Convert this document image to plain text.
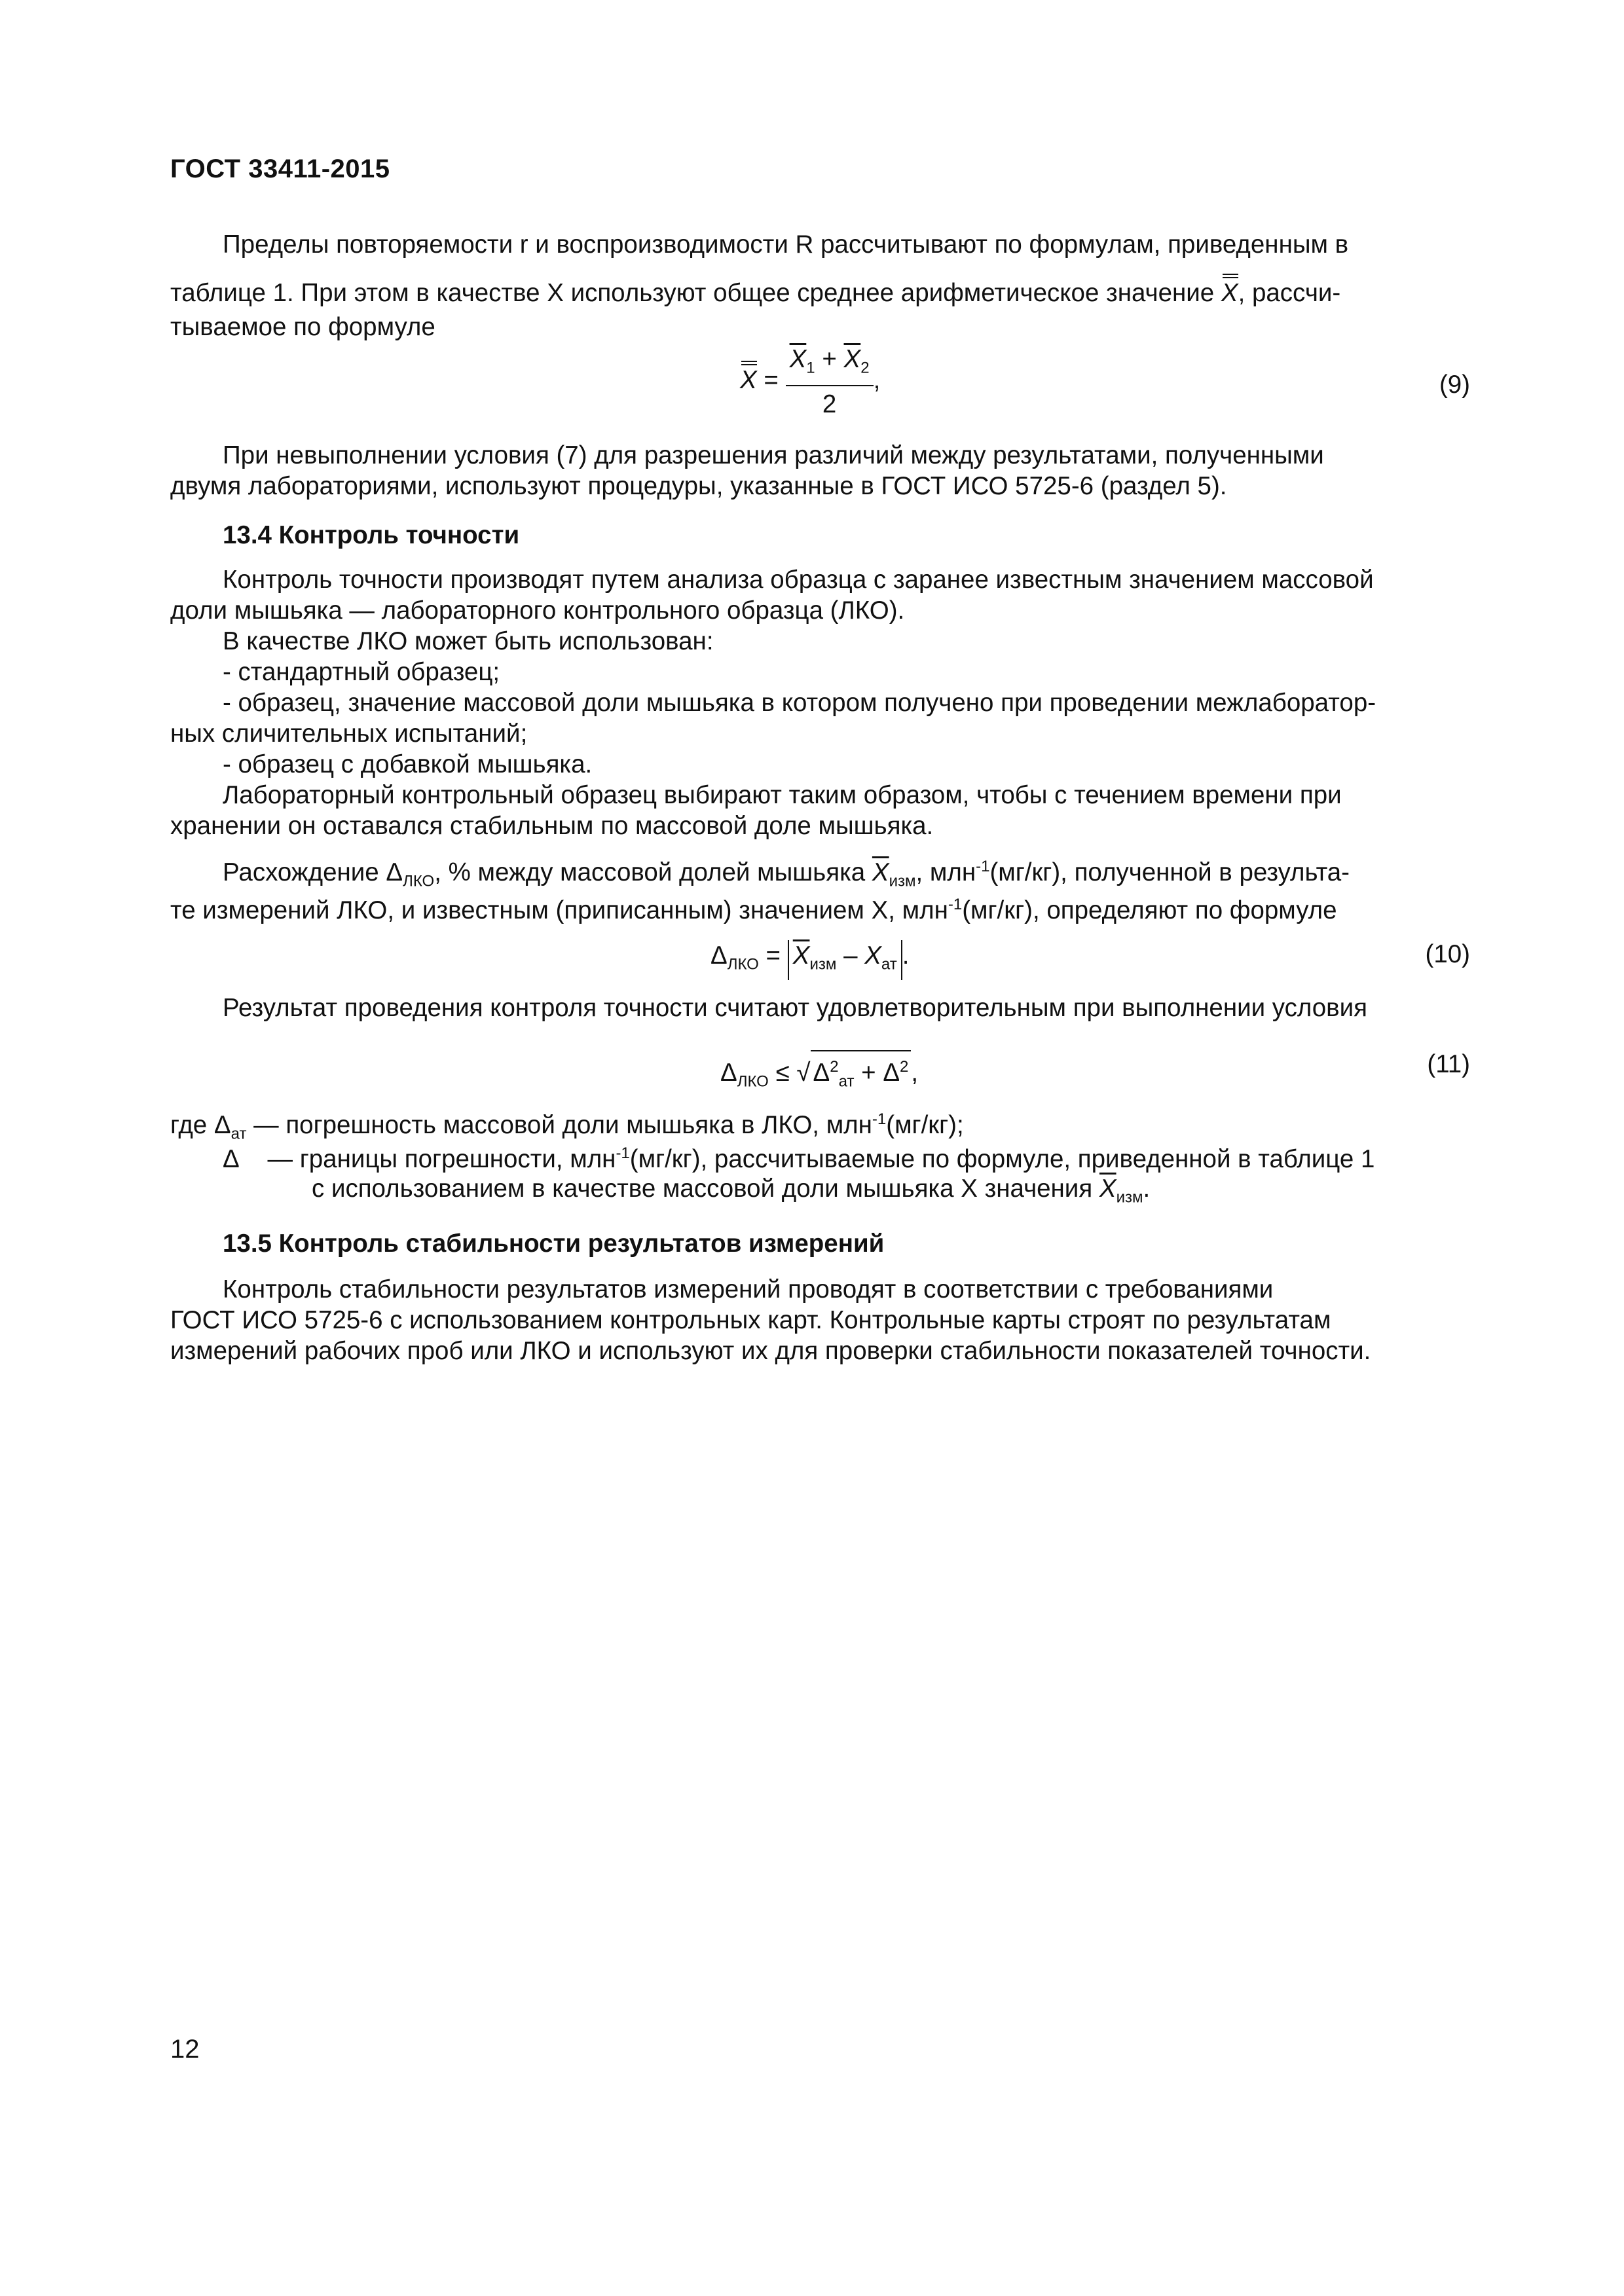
ГОСТ 33411-2015
Пределы повторяемости r и воспроизводимости R рассчитывают по формулам, приведенным в
таблице 1. При этом в качестве X используют общее среднее арифметическое значение X, рассчи-
тываемое по формуле
$X = \frac{\overline{X}_1 + \overline{X}_2}{2}$ ,	(9)
При невыполнении условия (7) для разрешения различий между результатами, полученными
двумя лабораториями, используют процедуры, указанные в ГОСТ ИСО 5725-6 (раздел 5).
13.4 Контроль точности
Контроль точности производят путем анализа образца с заранее известным значением массовой
доли мышьяка — лабораторного контрольного образца (ЛКО).
В качестве ЛКО может быть использован:
- стандартный образец;
- образец, значение массовой доли мышьяка в котором получено при проведении межлаборатор-
ных сличительных испытаний;
- образец с добавкой мышьяка.
Лабораторный контрольный образец выбирают таким образом, чтобы с течением времени при
хранении он оставался стабильным по массовой доле мышьяка.
Расхождение $\Delta_{ЛКО}$, % между массовой долей мышьяка $\overline{X}_{изм}$, млн$^{-1}$(мг/кг), полученной в результа-
те измерений ЛКО, и известным (приписанным) значением X, млн$^{-1}$(мг/кг), определяют по формуле
$\Delta_{ЛКО} = \overline{X}_{изм} - X_{ат}$ .	(10)
Результат проведения контроля точности считают удовлетворительным при выполнении условия
$\Delta_{ЛКО}$ ≤ √ $\Delta^2_{ат} + \Delta^2$ ,	(11)
где $\Delta_{ат}$ — погрешность массовой доли мышьяка в ЛКО, млн$^{-1}$(мг/кг);
Δ — границы погрешности, млн$^{-1}$(мг/кг), рассчитываемые по формуле, приведенной в таблице 1
с использованием в качестве массовой доли мышьяка X значения $\overline{X}_{изм}$.
13.5 Контроль стабильности результатов измерений
Контроль стабильности результатов измерений проводят в соответствии с требованиями
ГОСТ ИСО 5725-6 с использованием контрольных карт. Контрольные карты строят по результатам
измерений рабочих проб или ЛКО и используют их для проверки стабильности показателей точности.
12
